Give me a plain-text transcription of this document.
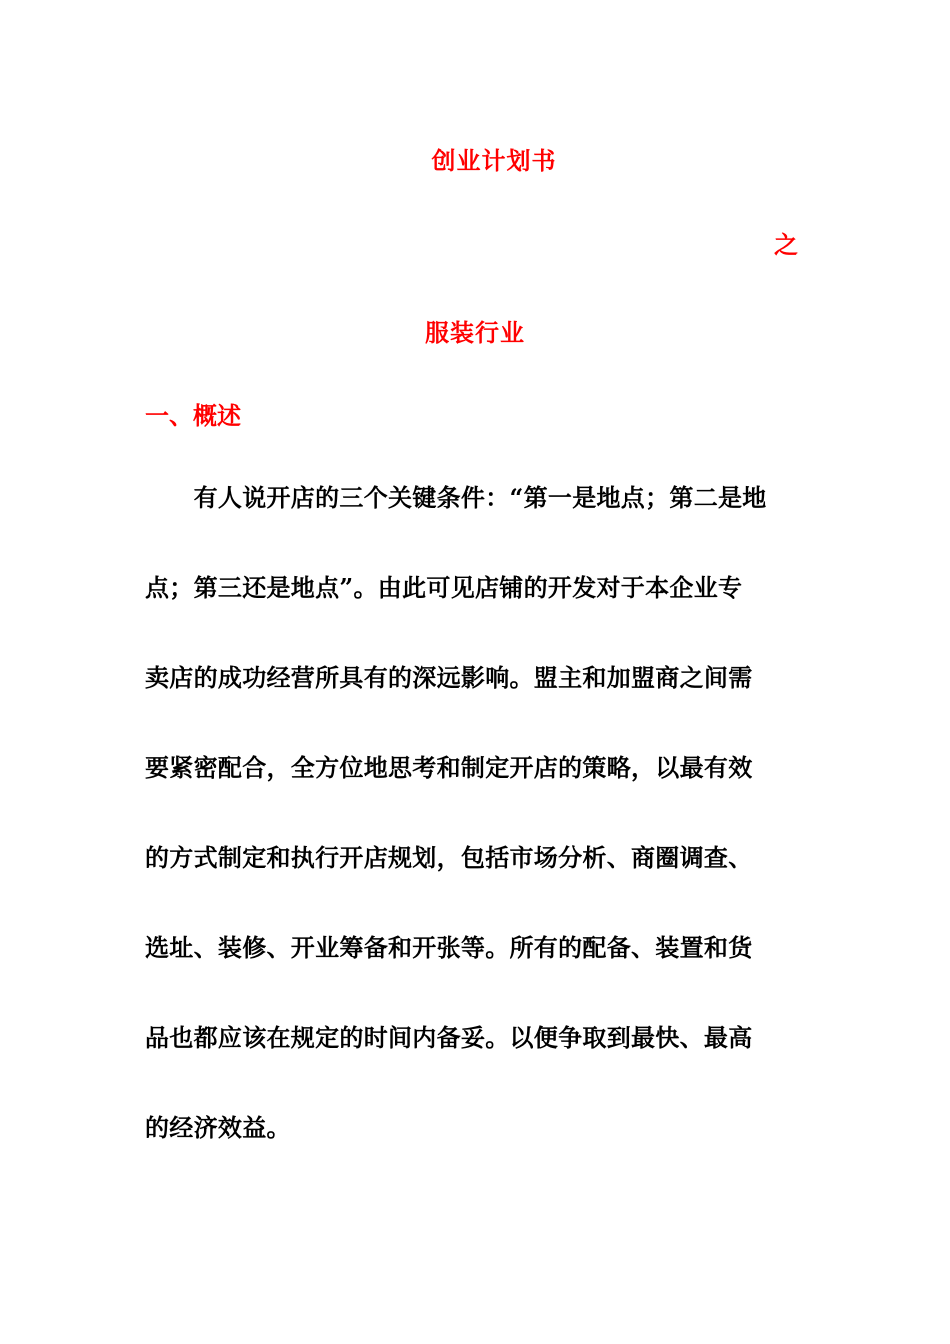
创业计划书
之
服装行业
一、概述
　　有人说开店的三个关键条件：“第一是地点；第二是地
点；第三还是地点”。由此可见店铺的开发对于本企业专
卖店的成功经营所具有的深远影响。盟主和加盟商之间需
要紧密配合，全方位地思考和制定开店的策略，以最有效
的方式制定和执行开店规划，包括市场分析、商圈调查、
选址、装修、开业筹备和开张等。所有的配备、装置和货
品也都应该在规定的时间内备妥。以便争取到最快、最高
的经济效益。
